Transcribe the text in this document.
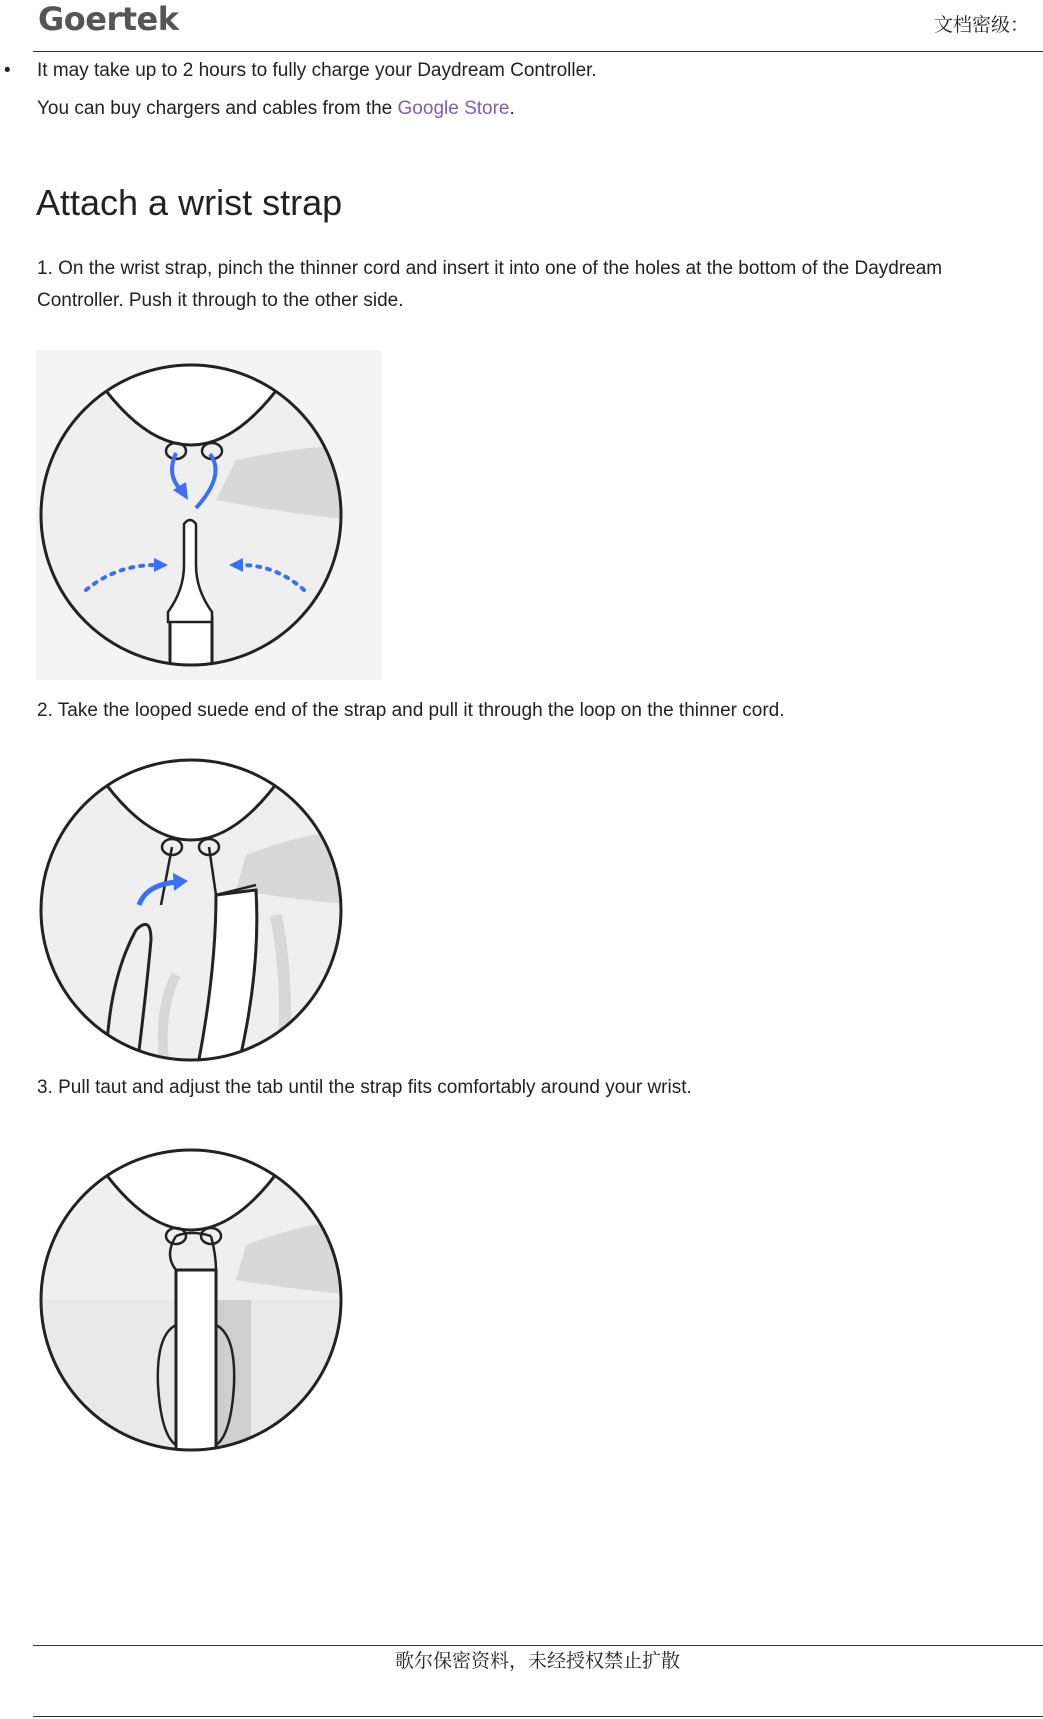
Goertek	文档密级：
• It may take up to 2 hours to fully charge your Daydream Controller.
You can buy chargers and cables from the Google Store.
Attach a wrist strap
1. On the wrist strap, pinch the thinner cord and insert it into one of the holes at the bottom of the Daydream
Controller. Push it through to the other side.
2. Take the looped suede end of the strap and pull it through the loop on the thinner cord.
3. Pull taut and adjust the tab until the strap fits comfortably around your wrist.
歌尔保密资料，未经授权禁止扩散
